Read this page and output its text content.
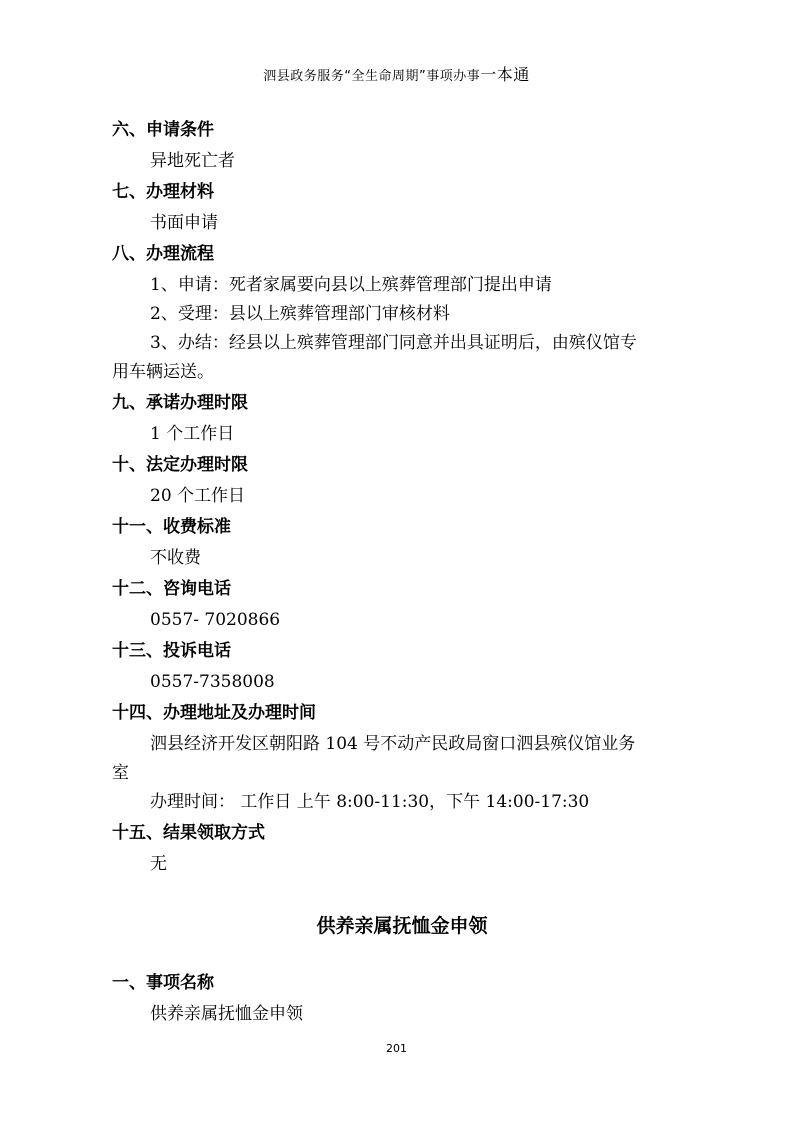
泗县政务服务“全生命周期”事项办事一本通
六、申请条件
异地死亡者
七、办理材料
书面申请
八、办理流程
1、申请：死者家属要向县以上殡葬管理部门提出申请
2、受理：县以上殡葬管理部门审核材料
3、办结：经县以上殡葬管理部门同意并出具证明后，由殡仪馆专
用车辆运送。
九、承诺办理时限
1 个工作日
十、法定办理时限
20 个工作日
十一、收费标准
不收费
十二、咨询电话
0557- 7020866
十三、投诉电话
0557-7358008
十四、办理地址及办理时间
泗县经济开发区朝阳路 104 号不动产民政局窗口泗县殡仪馆业务
室
办理时间： 工作日 上午 8:00-11:30，下午 14:00-17:30
十五、结果领取方式
无
供养亲属抚恤金申领
一、事项名称
供养亲属抚恤金申领
201
